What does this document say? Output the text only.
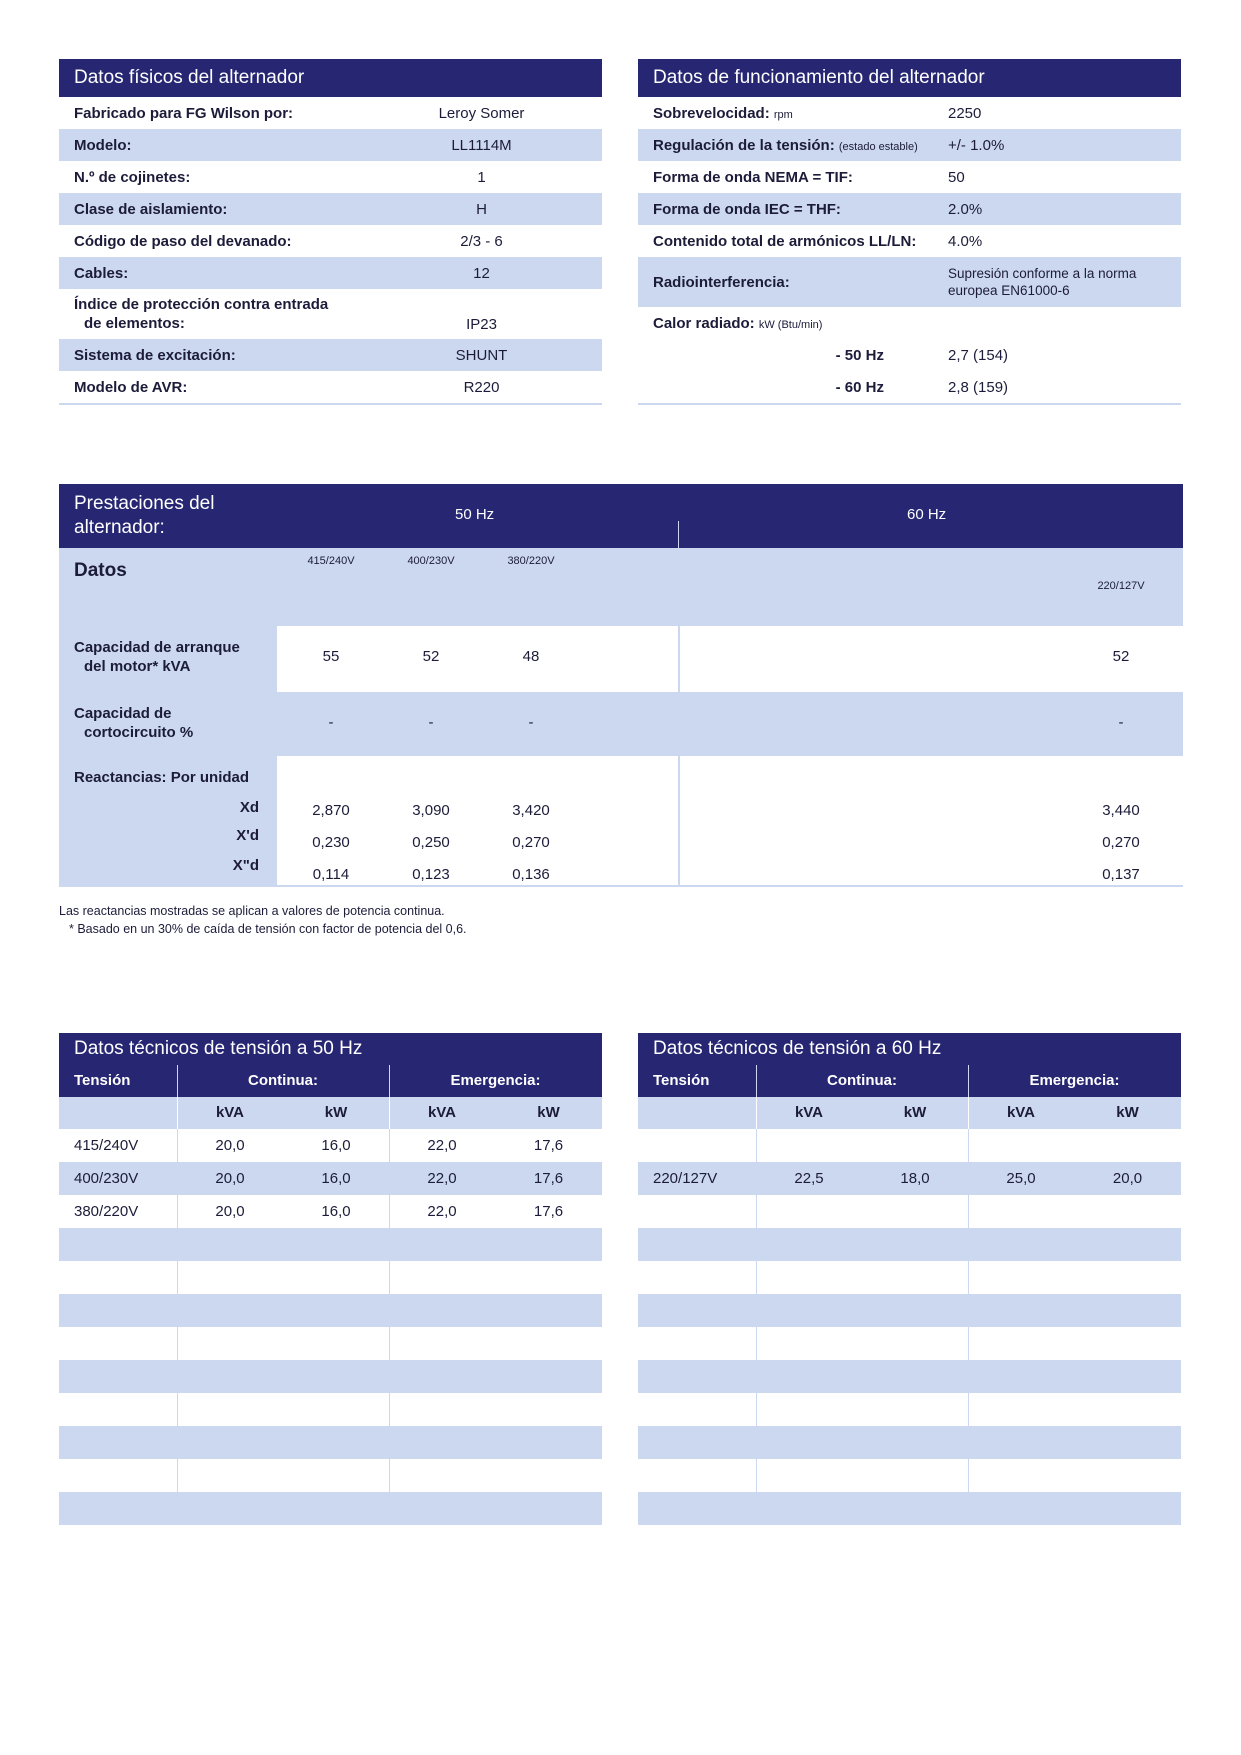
Datos físicos del alternador
Fabricado para FG Wilson por:	Leroy Somer
Modelo:	LL1114M
N.º de cojinetes:	1
Clase de aislamiento:	H
Código de paso del devanado:	2/3 - 6
Cables:	12
Índice de protección contra entrada
de elementos:	IP23
Sistema de excitación:	SHUNT
Modelo de AVR:	R220
Datos de funcionamiento del alternador
Sobrevelocidad: rpm	2250
Regulación de la tensión: (estado estable) +/- 1.0%
Forma de onda NEMA = TIF:	50
Forma de onda IEC = THF:	2.0%
Contenido total de armónicos LL/LN: 4.0%
Radiointerferencia:	Supresión conforme a la norma
europea EN61000-6
Calor radiado: kW (Btu/min)
- 50 Hz	2,7 (154)
- 60 Hz	2,8 (159)
Prestaciones del
alternador:
50 Hz	60 Hz
Datos	415/240V	400/230V	380/220V
220/127V
Capacidad de arranque
del motor* kVA
55	52	48	52
Capacidad de
cortocircuito %
-	-	-	-
Reactancias: Por unidad
Xd	2,870	3,090	3,420	3,440
X'd	0,230	0,250	0,270	0,270
X"d
0,114	0,123	0,136	0,137
Las reactancias mostradas se aplican a valores de potencia continua.
* Basado en un 30% de caída de tensión con factor de potencia del 0,6.
Datos técnicos de tensión a 50 Hz
Tensión	Continua:	Emergencia:
kVA	kW	kVA	kW
415/240V	20,0	16,0	22,0	17,6
400/230V	20,0	16,0	22,0	17,6
380/220V	20,0	16,0	22,0	17,6
Datos técnicos de tensión a 60 Hz
Tensión	Continua:	Emergencia:
kVA	kW	kVA	kW
220/127V	22,5	18,0	25,0	20,0
